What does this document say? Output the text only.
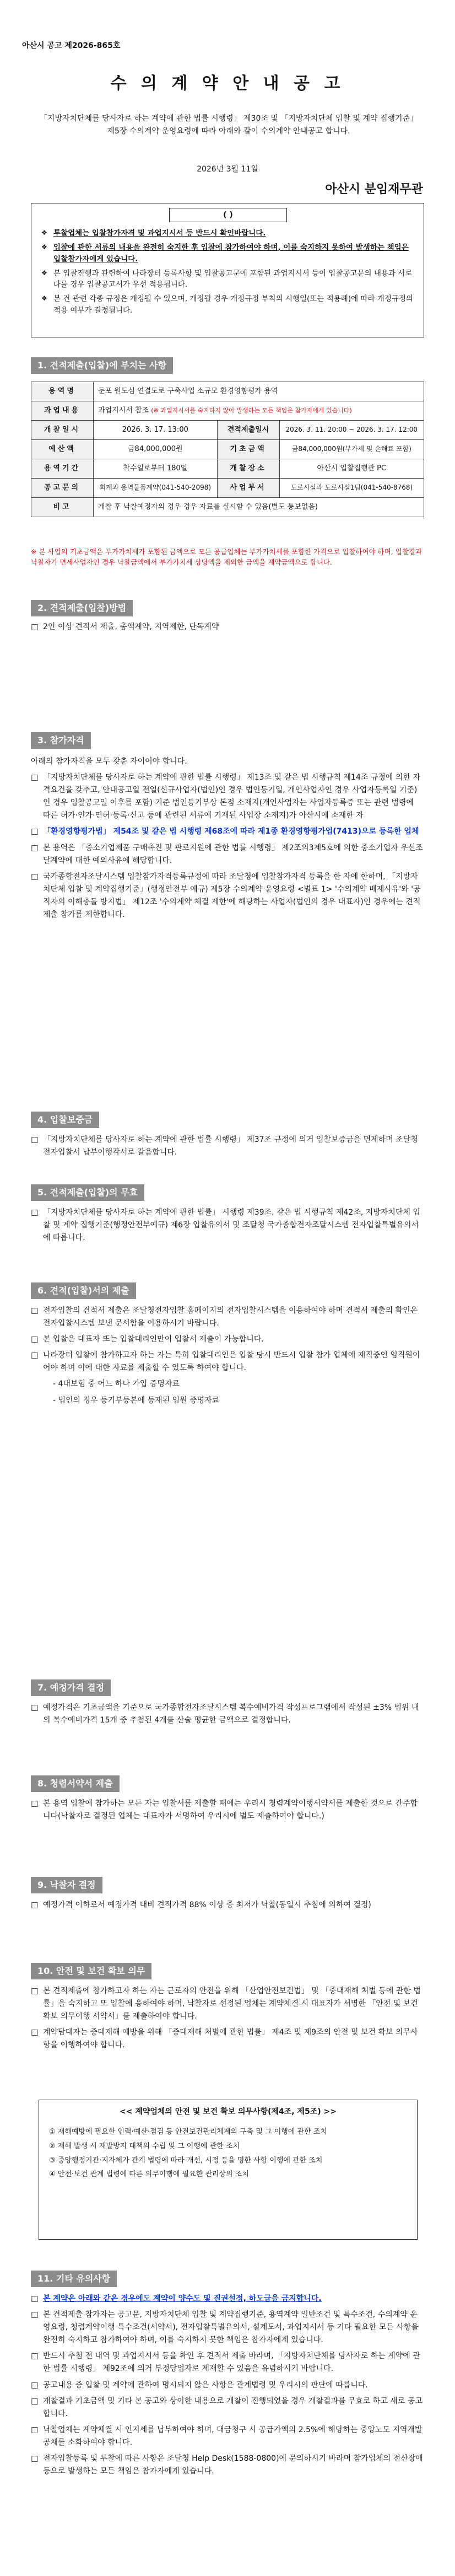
아산시 공고 제2026-865호
수 의 계 약 안 내 공 고
「지방자치단체를 당사자로 하는 계약에 관한 법률 시행령」 제30조 및 「지방자치단체 입찰 및 계약 집행기준」 제5장 수의계약 운영요령에 따라 아래와 같이 수의계약 안내공고 합니다.
2026년 3월 11일
아산시 분임재무관
( )
❖ 투찰업체는 입찰참가자격 및 과업지시서 등 반드시 확인바랍니다.
❖ 입찰에 관한 서류의 내용을 완전히 숙지한 후 입찰에 참가하여야 하며, 이를 숙지하지 못하여 발생하는 책임은 입찰참가자에게 있습니다.
❖ 본 입찰진행과 관련하여 나라장터 등록사항 및 입찰공고문에 포함된 과업지시서 등이 입찰공고문의 내용과 서로 다를 경우 입찰공고서가 우선 적용됩니다.
❖ 본 건 관련 각종 규정은 개정될 수 있으며, 개정될 경우 개정규정 부칙의 시행일(또는 적용례)에 따라 개정규정의 적용 여부가 결정됩니다.
1. 견적제출(입찰)에 부치는 사항
용역명	둔포 원도심 연결도로 구축사업 소규모 환경영향평가 용역		
과업내용	과업지시서 참조 (※ 과업지시서를 숙지하지 않아 발생하는 모든 책임은 참가자에게 있습니다)		
개찰일시	2026. 3. 17. 13:00	견적제출일시	2026. 3. 11. 20:00 ~ 2026. 3. 17. 12:00
예산액	금84,000,000원	기초금액	금84,000,000원(부가세 및 손해료 포함)
용역기간	착수일로부터 180일	개찰장소	아산시 입찰집행관 PC
공고문의	회계과 용역물품계약(041-540-2098)	사업부서	도로시설과 도로시설1팀(041-540-8768)
비고	개찰 후 낙찰예정자의 경우 경우 자료를 실시할 수 있음(별도 통보없음)		
※ 본 사업의 기초금액은 부가가치세가 포함된 금액으로 모든 공급업체는 부가가치세를 포함한 가격으로 입찰하여야 하며, 입찰결과 낙찰자가 면세사업자인 경우 낙찰금액에서 부가가치세 상당액을 제외한 금액을 계약금액으로 합니다.
2. 견적제출(입찰)방법

☐ 2인 이상 견적서 제출, 총액계약, 지역제한, 단독계약

3. 참가자격

아래의 참가자격을 모두 갖춘 자이어야 합니다.

☐ 「지방자치단체를 당사자로 하는 계약에 관한 법률 시행령」 제13조 및 같은 법 시행규칙 제14조 규정에 의한 자격요건을 갖추고, 안내공고일 전일(신규사업자(법인)인 경우 법인등기일, 개인사업자인 경우 사업자등록일 기준)인 경우 입찰공고일 이후를 포함) 기준 법인등기부상 본점 소재지(개인사업자는 사업자등록증 또는 관련 법령에 따른 허가·인가·면허·등록·신고 등에 관련된 서류에 기재된 사업장 소재지)가 아산시에 소재한 자

☐ 「환경영향평가법」 제54조 및 같은 법 시행령 제68조에 따라 제1종 환경영향평가업(7413)으로 등록한 업체

☐ 본 용역은 「중소기업제품 구매촉진 및 판로지원에 관한 법률 시행령」 제2조의3제5호에 의한 중소기업자 우선조달계약에 대한 예외사유에 해당합니다.

☐ 국가종합전자조달시스템 입찰참가자격등록규정에 따라 조달청에 입찰참가자격 등록을 한 자에 한하며, 「지방자치단체 입찰 및 계약집행기준」(행정안전부 예규) 제5장 수의계약 운영요령 <별표 1> '수의계약 배제사유'와 '공직자의 이해충돌 방지법」 제12조 '수의계약 체결 제한'에 해당하는 사업자(법인의 경우 대표자)인 경우에는 견적제출 참가를 제한합니다.

4. 입찰보증금

☐ 「지방자치단체를 당사자로 하는 계약에 관한 법률 시행령」 제37조 규정에 의거 입찰보증금을 면제하며 조달청 전자입찰서 납부이행각서로 갈음합니다.

5. 견적제출(입찰)의 무효

☐ 「지방자치단체를 당사자로 하는 계약에 관한 법률」 시행령 제39조, 같은 법 시행규칙 제42조, 지방자치단체 입찰 및 계약 집행기준(행정안전부예규) 제6장 입찰유의서 및 조달청 국가종합전자조달시스템 전자입찰특별유의서에 따릅니다.

6. 견적(입찰)서의 제출

☐ 전자입찰의 견적서 제출은 조달청전자입찰 홈페이지의 전자입찰시스템을 이용하여야 하며 견적서 제출의 확인은 전자입찰시스템 보낸 문서함을 이용하시기 바랍니다.

☐ 본 입찰은 대표자 또는 입찰대리인만이 입찰서 제출이 가능합니다.

☐ 나라장터 입찰에 참가하고자 하는 자는 특히 입찰대리인은 입찰 당시 반드시 입찰 참가 업체에 재직중인 임직원이어야 하며 이에 대한 자료를 제출할 수 있도록 하여야 합니다.

- 4대보험 중 어느 하나 가입 증명자료

- 법인의 경우 등기부등본에 등재된 임원 증명자료

7. 예정가격 결정

☐ 예정가격은 기초금액을 기준으로 국가종합전자조달시스템 복수예비가격 작성프로그램에서 작성된 ±3% 범위 내의 복수예비가격 15개 중 추첨된 4개를 산술 평균한 금액으로 결정합니다.

8. 청렴서약서 제출

☐ 본 용역 입찰에 참가하는 모든 자는 입찰서를 제출할 때에는 우리시 청렴계약이행서약서를 제출한 것으로 간주합니다(낙찰자로 결정된 업체는 대표자가 서명하여 우리시에 별도 제출하여야 합니다.)

9. 낙찰자 결정

☐ 예정가격 이하로서 예정가격 대비 견적가격 88% 이상 중 최저가 낙찰(동일시 추첨에 의하여 결정)

10. 안전 및 보건 확보 의무

☐ 본 견적제출에 참가하고자 하는 자는 근로자의 안전을 위해 「산업안전보건법」 및 「중대재해 처벌 등에 관한 법률」을 숙지하고 또 입찰에 응하여야 하며, 낙찰자로 선정된 업체는 계약체결 시 대표자가 서명한 「안전 및 보건 확보 의무이행 서약서」를 제출하여야 합니다.

☐ 계약담대자는 중대재해 예방을 위해 「중대재해 처벌에 관한 법률」 제4조 및 제9조의 안전 및 보건 확보 의무사항을 이행하여야 합니다.

<< 계약업체의 안전 및 보건 확보 의무사항(제4조, 제5조) >>
① 재해예방에 필요한 인력·예산·점검 등 안전보건관리체계의 구축 및 그 이행에 관한 조치
② 재해 발생 시 재발방지 대책의 수립 및 그 이행에 관한 조치
③ 중앙행정기관·지자체가 관계 법령에 따라 개선, 시정 등을 명한 사항 이행에 관한 조치
④ 안전·보건 관계 법령에 따른 의무이행에 필요한 관리상의 조치
11. 기타 유의사항

☐ 본 계약은 아래와 같은 경우에도 계약이 양수도 및 질권설정, 하도급을 금지합니다.

☐ 본 견적제출 참가자는 공고문, 지방자치단체 입찰 및 계약집행기준, 용역계약 일반조건 및 특수조건, 수의계약 운영요령, 청렴계약이행 특수조건(서약서), 전자입찰특별유의서, 설계도서, 과업지시서 등 기타 필요한 모든 사항을 완전히 숙지하고 참가하여야 하며, 이를 숙지하지 못한 책임은 참가자에게 있습니다.

☐ 반드시 추첨 전 내역 및 과업지시서 등을 확인 후 견적서 제출 바라며, 「지방자치단체를 당사자로 하는 계약에 관한 법률 시행령」 제92조에 의거 부정당업자로 제재할 수 있음을 유념하시기 바랍니다.

☐ 공고내용 중 입찰 및 계약에 관하여 명시되지 않은 사항은 관계법령 및 우리시의 판단에 따릅니다.

☐ 개찰결과 기초금액 및 기타 본 공고와 상이한 내용으로 개찰이 진행되었을 경우 개찰결과를 무효로 하고 새로 공고합니다.

☐ 낙찰업체는 계약체결 시 인지세를 납부하여야 하며, 대금청구 시 공급가액의 2.5%에 해당하는 중앙노도 지역개발공채를 소화하여야 합니다.

☐ 전자입찰등록 및 투찰에 따른 사항은 조달청 Help Desk(1588-0800)에 문의하시기 바라며 참가업체의 전산장애 등으로 발생하는 모든 책임은 참가자에게 있습니다.
